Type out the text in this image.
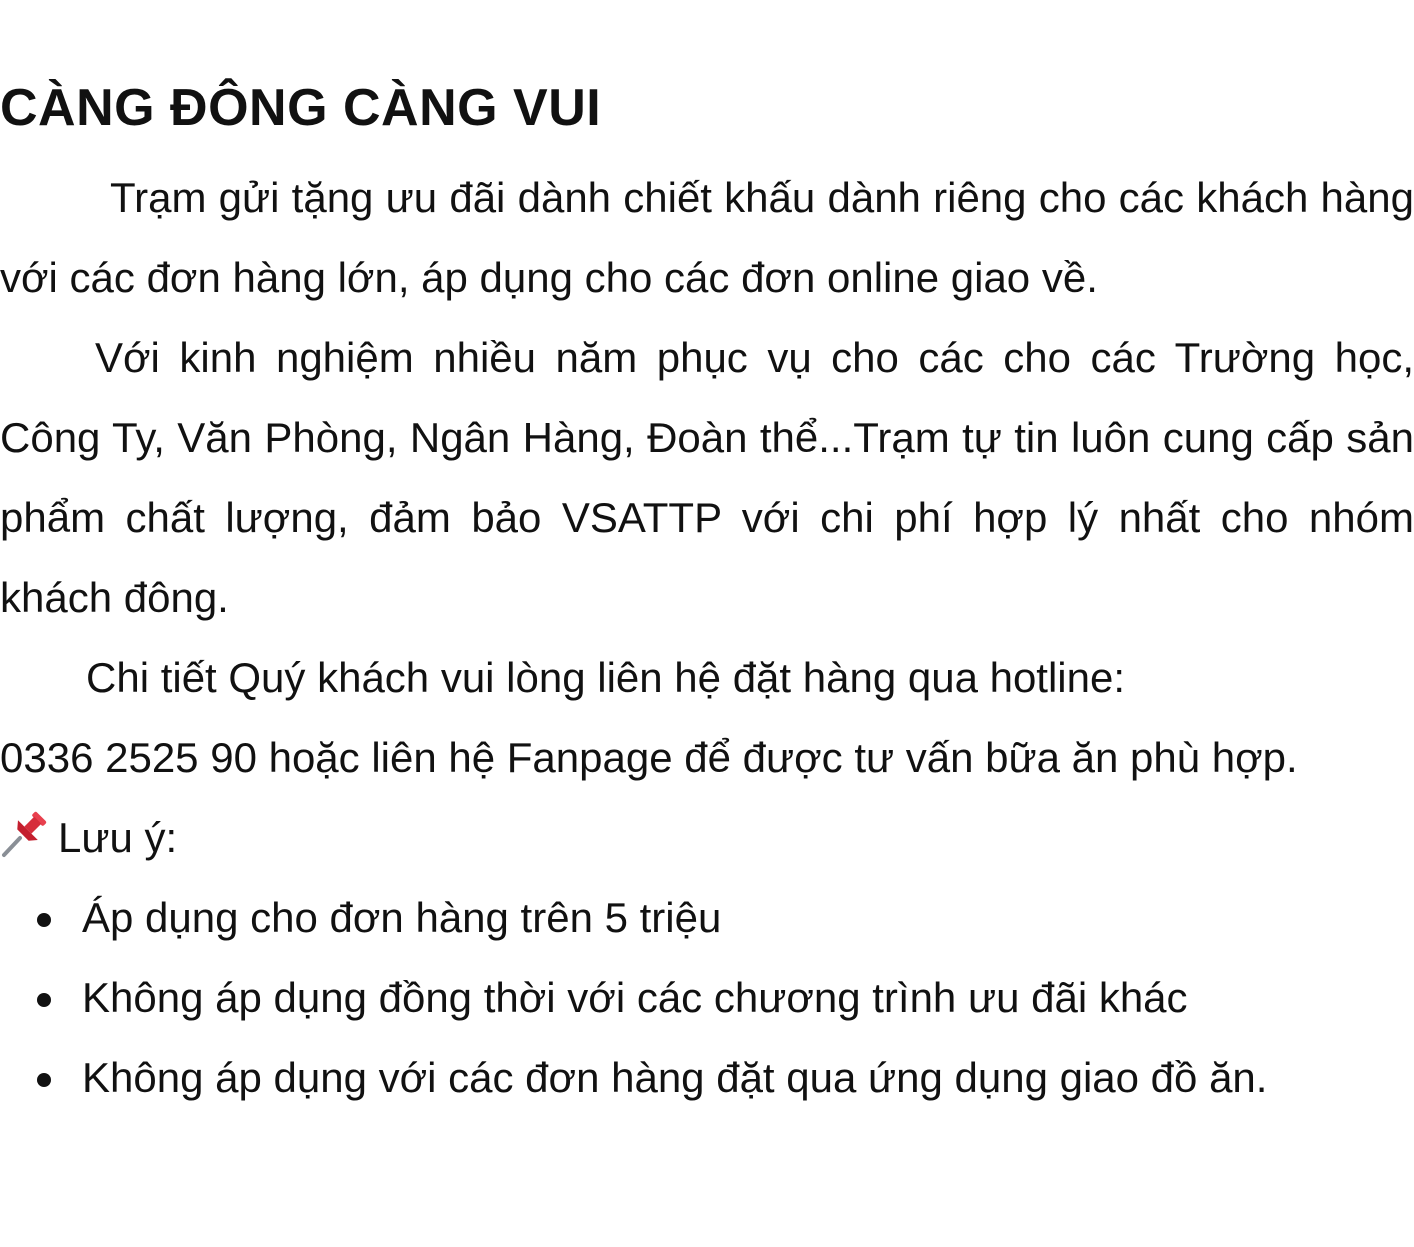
CÀNG ĐÔNG CÀNG VUI

Trạm gửi tặng ưu đãi dành chiết khấu dành riêng cho các khách hàng với các đơn hàng lớn, áp dụng cho các đơn online giao về.

Với kinh nghiệm nhiều năm phục vụ cho các cho các Trường học, Công Ty, Văn Phòng, Ngân Hàng, Đoàn thể...Trạm tự tin luôn cung cấp sản phẩm chất lượng, đảm bảo VSATTP với chi phí hợp lý nhất cho nhóm khách đông.

Chi tiết Quý khách vui lòng liên hệ đặt hàng qua hotline:

0336 2525 90 hoặc liên hệ Fanpage để được tư vấn bữa ăn phù hợp.

Lưu ý:

Áp dụng cho đơn hàng trên 5 triệu
Không áp dụng đồng thời với các chương trình ưu đãi khác
Không áp dụng với các đơn hàng đặt qua ứng dụng giao đồ ăn.
